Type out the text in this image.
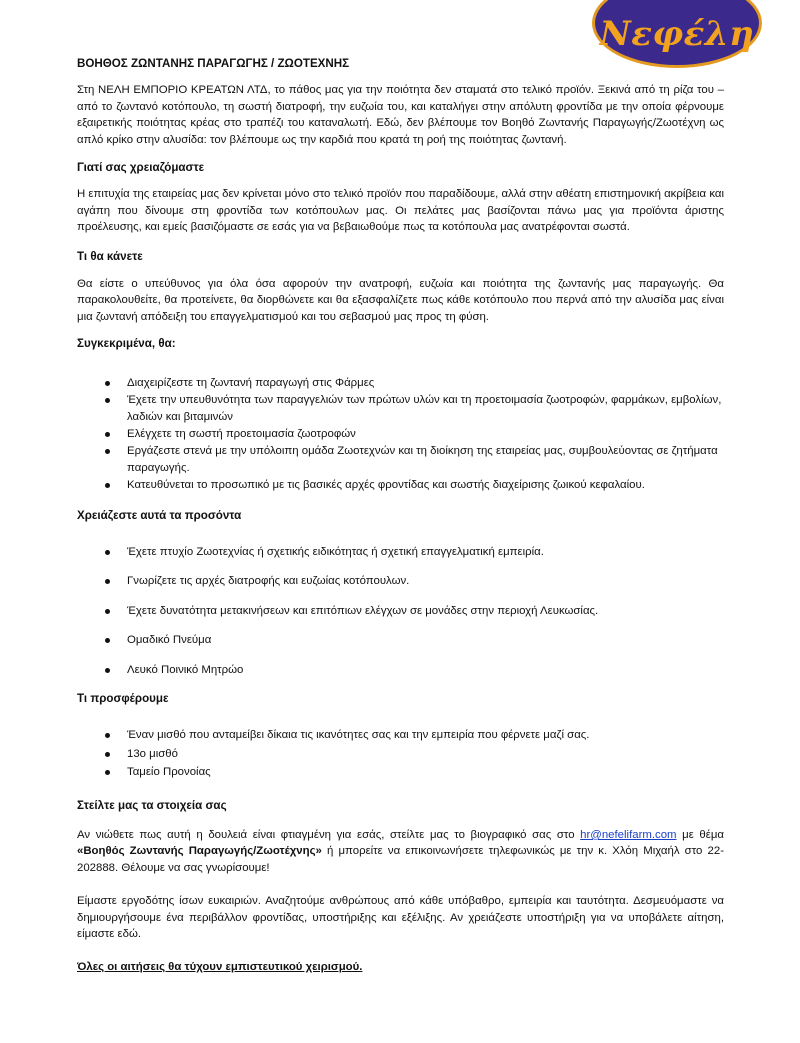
Νεφέλη
ΒΟΗΘΟΣ ΖΩΝΤΑΝΗΣ ΠΑΡΑΓΩΓΗΣ / ΖΩΟΤΕΧΝΗΣ

Στη ΝΕΛΗ ΕΜΠΟΡΙΟ ΚΡΕΑΤΩΝ ΛΤΔ, το πάθος μας για την ποιότητα δεν σταματά στο τελικό προϊόν. Ξεκινά από τη ρίζα του – από το ζωντανό κοτόπουλο, τη σωστή διατροφή, την ευζωία του, και καταλήγει στην απόλυτη φροντίδα με την οποία φέρνουμε εξαιρετικής ποιότητας κρέας στο τραπέζι του καταναλωτή. Εδώ, δεν βλέπουμε τον Βοηθό Ζωντανής Παραγωγής/Ζωοτέχνη ως απλό κρίκο στην αλυσίδα: τον βλέπουμε ως την καρδιά που κρατά τη ροή της ποιότητας ζωντανή.

Γιατί σας χρειαζόμαστε

Η επιτυχία της εταιρείας μας δεν κρίνεται μόνο στο τελικό προϊόν που παραδίδουμε, αλλά στην αθέατη επιστημονική ακρίβεια και αγάπη που δίνουμε στη φροντίδα των κοτόπουλων μας. Οι πελάτες μας βασίζονται πάνω μας για προϊόντα άριστης προέλευσης, και εμείς βασιζόμαστε σε εσάς για να βεβαιωθούμε πως τα κοτόπουλα μας ανατρέφονται σωστά.

Τι θα κάνετε

Θα είστε ο υπεύθυνος για όλα όσα αφορούν την ανατροφή, ευζωία και ποιότητα της ζωντανής μας παραγωγής. Θα παρακολουθείτε, θα προτείνετε, θα διορθώνετε και θα εξασφαλίζετε πως κάθε κοτόπουλο που περνά από την αλυσίδα μας είναι μια ζωντανή απόδειξη του επαγγελματισμού και του σεβασμού μας προς τη φύση.

Συγκεκριμένα, θα:
Διαχειρίζεστε τη ζωντανή παραγωγή στις Φάρμες
Έχετε την υπευθυνότητα των παραγγελιών των πρώτων υλών και τη προετοιμασία ζωοτροφών, φαρμάκων, εμβολίων, λαδιών και βιταμινών
Ελέγχετε τη σωστή προετοιμασία ζωοτροφών
Εργάζεστε στενά με την υπόλοιπη ομάδα Ζωοτεχνών και τη διοίκηση της εταιρείας μας, συμβουλεύοντας σε ζητήματα παραγωγής.
Κατευθύνεται το προσωπικό με τις βασικές αρχές φροντίδας και σωστής διαχείρισης ζωικού κεφαλαίου.
Χρειάζεστε αυτά τα προσόντα
Έχετε πτυχίο Ζωοτεχνίας ή σχετικής ειδικότητας ή σχετική επαγγελματική εμπειρία.
Γνωρίζετε τις αρχές διατροφής και ευζωίας κοτόπουλων.
Έχετε δυνατότητα μετακινήσεων και επιτόπιων ελέγχων σε μονάδες στην περιοχή Λευκωσίας.
Ομαδικό Πνεύμα
Λευκό Ποινικό Μητρώο
Τι προσφέρουμε
Έναν μισθό που ανταμείβει δίκαια τις ικανότητες σας και την εμπειρία που φέρνετε μαζί σας.
13ο μισθό
Ταμείο Προνοίας
Στείλτε μας τα στοιχεία σας

Αν νιώθετε πως αυτή η δουλειά είναι φτιαγμένη για εσάς, στείλτε μας το βιογραφικό σας στο hr@nefelifarm.com με θέμα «Βοηθός Ζωντανής Παραγωγής/Ζωοτέχνης» ή μπορείτε να επικοινωνήσετε τηλεφωνικώς με την κ. Χλόη Μιχαήλ στο 22-202888. Θέλουμε να σας γνωρίσουμε!

Είμαστε εργοδότης ίσων ευκαιριών. Αναζητούμε ανθρώπους από κάθε υπόβαθρο, εμπειρία και ταυτότητα. Δεσμευόμαστε να δημιουργήσουμε ένα περιβάλλον φροντίδας, υποστήριξης και εξέλιξης. Αν χρειάζεστε υποστήριξη για να υποβάλετε αίτηση, είμαστε εδώ.

Όλες οι αιτήσεις θα τύχουν εμπιστευτικού χειρισμού.
